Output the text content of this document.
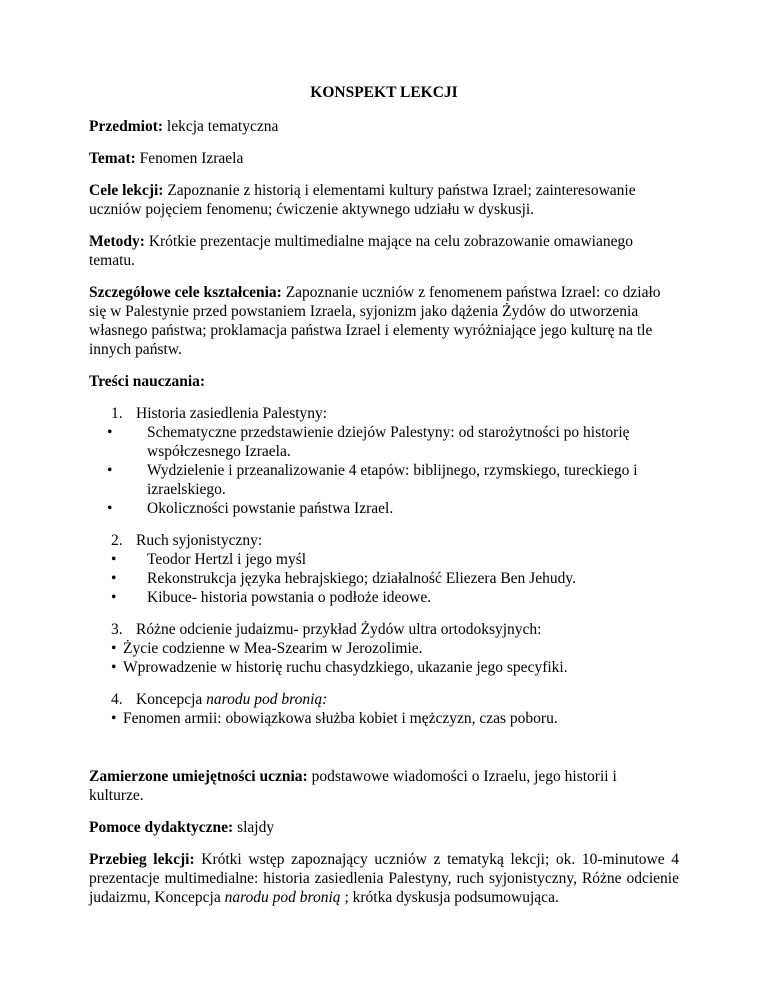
KONSPEKT LEKCJI

Przedmiot: lekcja tematyczna

Temat: Fenomen Izraela

Cele lekcji: Zapoznanie z historią i elementami kultury państwa Izrael; zainteresowanie

uczniów pojęciem fenomenu; ćwiczenie aktywnego udziału w dyskusji.

Metody: Krótkie prezentacje multimedialne mające na celu zobrazowanie omawianego

tematu.

Szczegółowe cele kształcenia: Zapoznanie uczniów z fenomenem państwa Izrael: co działo

się w Palestynie przed powstaniem Izraela, syjonizm jako dążenia Żydów do utworzenia

własnego państwa; proklamacja państwa Izrael i elementy wyróżniające jego kulturę na tle

innych państw.

Treści nauczania:

1. Historia zasiedlenia Palestyny:
• Schematyczne przedstawienie dziejów Palestyny: od starożytności po historię
współczesnego Izraela.
• Wydzielenie i przeanalizowanie 4 etapów: biblijnego, rzymskiego, tureckiego i
izraelskiego.
• Okoliczności powstanie państwa Izrael.
2. Ruch syjonistyczny:
• Teodor Hertzl i jego myśl
• Rekonstrukcja języka hebrajskiego; działalność Eliezera Ben Jehudy.
• Kibuce- historia powstania o podłoże ideowe.
3. Różne odcienie judaizmu- przykład Żydów ultra ortodoksyjnych:
• Życie codzienne w Mea-Szearim w Jerozolimie.
• Wprowadzenie w historię ruchu chasydzkiego, ukazanie jego specyfiki.
4. Koncepcja narodu pod bronią:
• Fenomen armii: obowiązkowa służba kobiet i mężczyzn, czas poboru.

Zamierzone umiejętności ucznia: podstawowe wiadomości o Izraelu, jego historii i

kulturze.

Pomoce dydaktyczne: slajdy

Przebieg lekcji: Krótki wstęp zapoznający uczniów z tematyką lekcji; ok. 10-minutowe 4

prezentacje multimedialne: historia zasiedlenia Palestyny, ruch syjonistyczny, Różne odcienie

judaizmu, Koncepcja narodu pod bronią ; krótka dyskusja podsumowująca.
